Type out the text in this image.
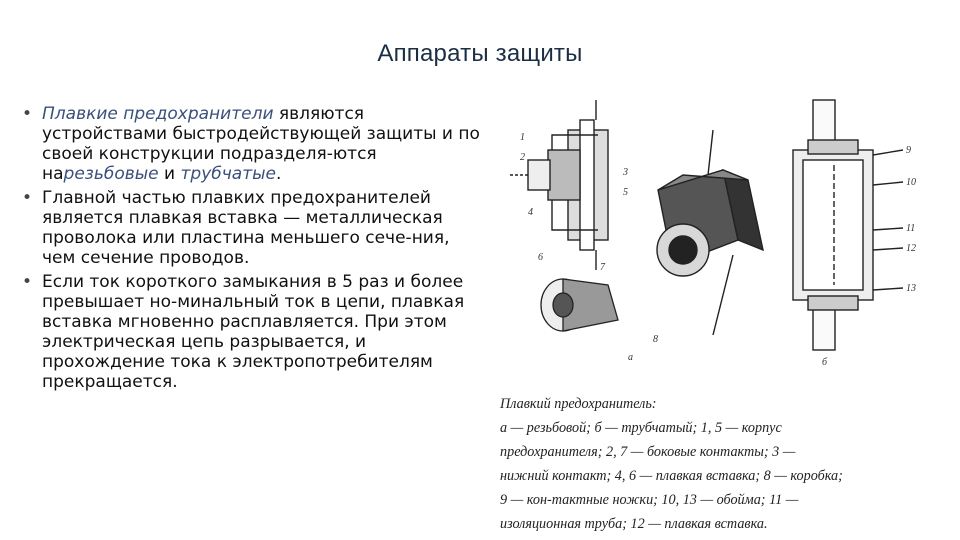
Аппараты защиты
• Плавкие предохранители являются устройствами быстродействующей защиты и по своей конструкции подразделя-ются нарезьбовые и трубчатые.
• Главной частью плавких предохранителей является плавкая вставка — металлическая проволока или пластина меньшего сече-ния, чем сечение проводов.
• Если ток короткого замыкания в 5 раз и более превышает но-минальный ток в цепи, плавкая вставка мгновенно расплавляется. При этом электрическая цепь разрывается, и прохождение тока к электропотребителям прекращается.
а	б
1
2
3
4
5
6
7
8
9
10
11
12
13
Плавкий предохранитель:
а — резьбовой; б — трубчатый; 1, 5 — корпус
предохранителя; 2, 7 — боковые контакты; 3 —
нижний контакт; 4, 6 — плавкая вставка; 8 — коробка;
9 — кон-тактные ножки; 10, 13 — обойма; 11 —
изоляционная труба; 12 — плавкая вставка.
